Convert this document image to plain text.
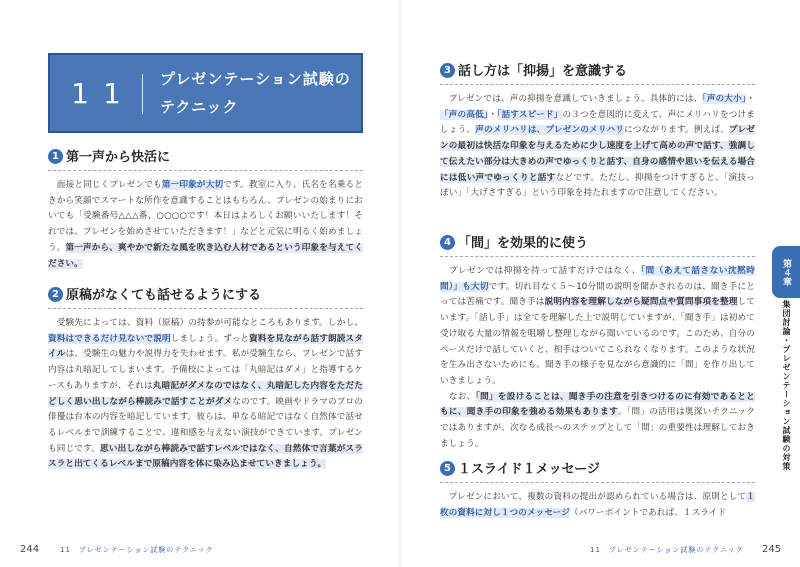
11	プレゼンテーション試験のテクニック
1 第一声から快活に
　面接と同じくプレゼンでも第一印象が大切です。教室に入り、氏名を名乗るときから笑顔でスマートな所作を意識することはもちろん、プレゼンの始まりにおいても「受験番号△△△番、○○○○です！本日はよろしくお願いいたします！それでは、プレゼンを始めさせていただきます！」などと元気に明るく始めましょう。第一声から、爽やかで新たな風を吹き込む人材であるという印象を与えてください。
2 原稿がなくても話せるようにする
　受験先によっては、資料（原稿）の持参が可能なところもあります。しかし、資料はできるだけ見ないで説明しましょう。ずっと資料を見ながら話す朗読スタイルは、受験生の魅力や説得力を失わせます。私が受験生なら、プレゼンで話す内容は丸暗記してしまいます。予備校によっては「丸暗記はダメ」と指導するケースもありますが、それは丸暗記がダメなのではなく、丸暗記した内容をただたどしく思い出しながら棒読みで話すことがダメなのです。映画やドラマのプロの俳優は台本の内容を暗記しています。彼らは、単なる暗記ではなく自然体で話せるレベルまで訓練することで、違和感を与えない演技ができています。プレゼンも同じです。思い出しながら棒読みで話すレベルではなく、自然体で言葉がスラスラと出てくるレベルまで原稿内容を体に染み込ませていきましょう。
244	11　プレゼンテーション試験のテクニック
3 話し方は「抑揚」を意識する
　プレゼンでは、声の抑揚を意識していきましょう。具体的には、「声の大小」・「声の高低」・「話すスピード」の３つを意図的に変えて、声にメリハリをつけましょう。声のメリハリは、プレゼンのメリハリにつながります。例えば、プレゼンの最初は快活な印象を与えるために少し速度を上げて高めの声で話す、強調して伝えたい部分は大きめの声でゆっくりと話す、自身の感情や思いを伝える場合には低い声でゆっくりと話すなどです。ただし、抑揚をつけすぎると、「演技っぽい」「大げさすぎる」という印象を持たれますので注意してください。
4 「間」を効果的に使う
　プレゼンでは抑揚を持って話すだけではなく、「間（あえて話さない沈黙時間）」も大切です。切れ目なく５～10分間の説明を聞かされるのは、聞き手にとっては苦痛です。聞き手は説明内容を理解しながら疑問点や質問事項を整理しています。「話し手」は全てを理解した上で説明していますが、「聞き手」は初めて受け取る大量の情報を咀嚼し整理しながら聞いているのです。このため、自分のペースだけで話していくと、相手はついてこられなくなります。このような状況を生み出さないためにも、聞き手の様子を見ながら意識的に「間」を作り出していきましょう。
　なお、「間」を設けることは、聞き手の注意を引きつけるのに有効であるとともに、聞き手の印象を強める効果もあります。「間」の活用は奥深いテクニックではありますが、次なる成長へのステップとして「間」の重要性は理解しておきましょう。
5 １スライド１メッセージ
　プレゼンにおいて、複数の資料の提出が認められている場合は、原則として１枚の資料に対し１つのメッセージ（パワーポイントであれば、１スライド
11　プレゼンテーション試験のテクニック 245
第４章
集団討論・プレゼンテーション試験の対策
